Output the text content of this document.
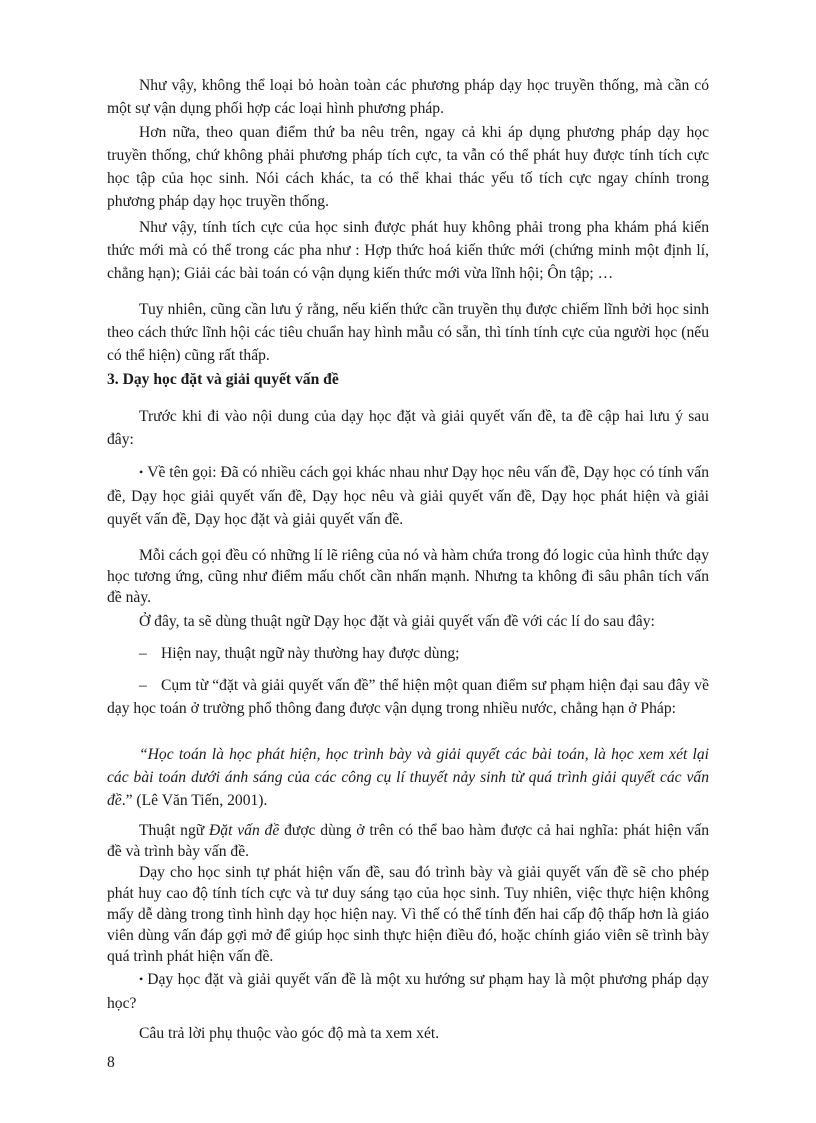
Như vậy, không thể loại bỏ hoàn toàn các phương pháp dạy học truyền thống, mà cần có một sự vận dụng phối hợp các loại hình phương pháp.

Hơn nữa, theo quan điểm thứ ba nêu trên, ngay cả khi áp dụng phương pháp dạy học truyền thống, chứ không phải phương pháp tích cực, ta vẫn có thể phát huy được tính tích cực học tập của học sinh. Nói cách khác, ta có thể khai thác yếu tố tích cực ngay chính trong phương pháp dạy học truyền thống.

Như vậy, tính tích cực của học sinh được phát huy không phải trong pha khám phá kiến thức mới mà có thể trong các pha như : Hợp thức hoá kiến thức mới (chứng minh một định lí, chẳng hạn); Giải các bài toán có vận dụng kiến thức mới vừa lĩnh hội; Ôn tập; …

Tuy nhiên, cũng cần lưu ý rằng, nếu kiến thức cần truyền thụ được chiếm lĩnh bởi học sinh theo cách thức lĩnh hội các tiêu chuẩn hay hình mẫu có sẵn, thì tính tính cực của người học (nếu có thể hiện) cũng rất thấp.

3. Dạy học đặt và giải quyết vấn đề

Trước khi đi vào nội dung của dạy học đặt và giải quyết vấn đề, ta đề cập hai lưu ý sau đây:

• Về tên gọi: Đã có nhiều cách gọi khác nhau như Dạy học nêu vấn đề, Dạy học có tính vấn đề, Dạy học giải quyết vấn đề, Dạy học nêu và giải quyết vấn đề, Dạy học phát hiện và giải quyết vấn đề, Dạy học đặt và giải quyết vấn đề.

Mỗi cách gọi đều có những lí lẽ riêng của nó và hàm chứa trong đó logic của hình thức dạy học tương ứng, cũng như điểm mấu chốt cần nhấn mạnh. Nhưng ta không đi sâu phân tích vấn đề này.

Ở đây, ta sẽ dùng thuật ngữ Dạy học đặt và giải quyết vấn đề với các lí do sau đây:

– Hiện nay, thuật ngữ này thường hay được dùng;

– Cụm từ “đặt và giải quyết vấn đề” thể hiện một quan điểm sư phạm hiện đại sau đây về dạy học toán ở trường phổ thông đang được vận dụng trong nhiều nước, chẳng hạn ở Pháp:

“Học toán là học phát hiện, học trình bày và giải quyết các bài toán, là học xem xét lại các bài toán dưới ánh sáng của các công cụ lí thuyết nảy sinh từ quá trình giải quyết các vấn đề.” (Lê Văn Tiến, 2001).

Thuật ngữ Đặt vấn đề được dùng ở trên có thể bao hàm được cả hai nghĩa: phát hiện vấn đề và trình bày vấn đề.

Dạy cho học sinh tự phát hiện vấn đề, sau đó trình bày và giải quyết vấn đề sẽ cho phép phát huy cao độ tính tích cực và tư duy sáng tạo của học sinh. Tuy nhiên, việc thực hiện không mấy dễ dàng trong tình hình dạy học hiện nay. Vì thế có thể tính đến hai cấp độ thấp hơn là giáo viên dùng vấn đáp gợi mở để giúp học sinh thực hiện điều đó, hoặc chính giáo viên sẽ trình bày quá trình phát hiện vấn đề.

• Dạy học đặt và giải quyết vấn đề là một xu hướng sư phạm hay là một phương pháp dạy học?

Câu trả lời phụ thuộc vào góc độ mà ta xem xét.

8
